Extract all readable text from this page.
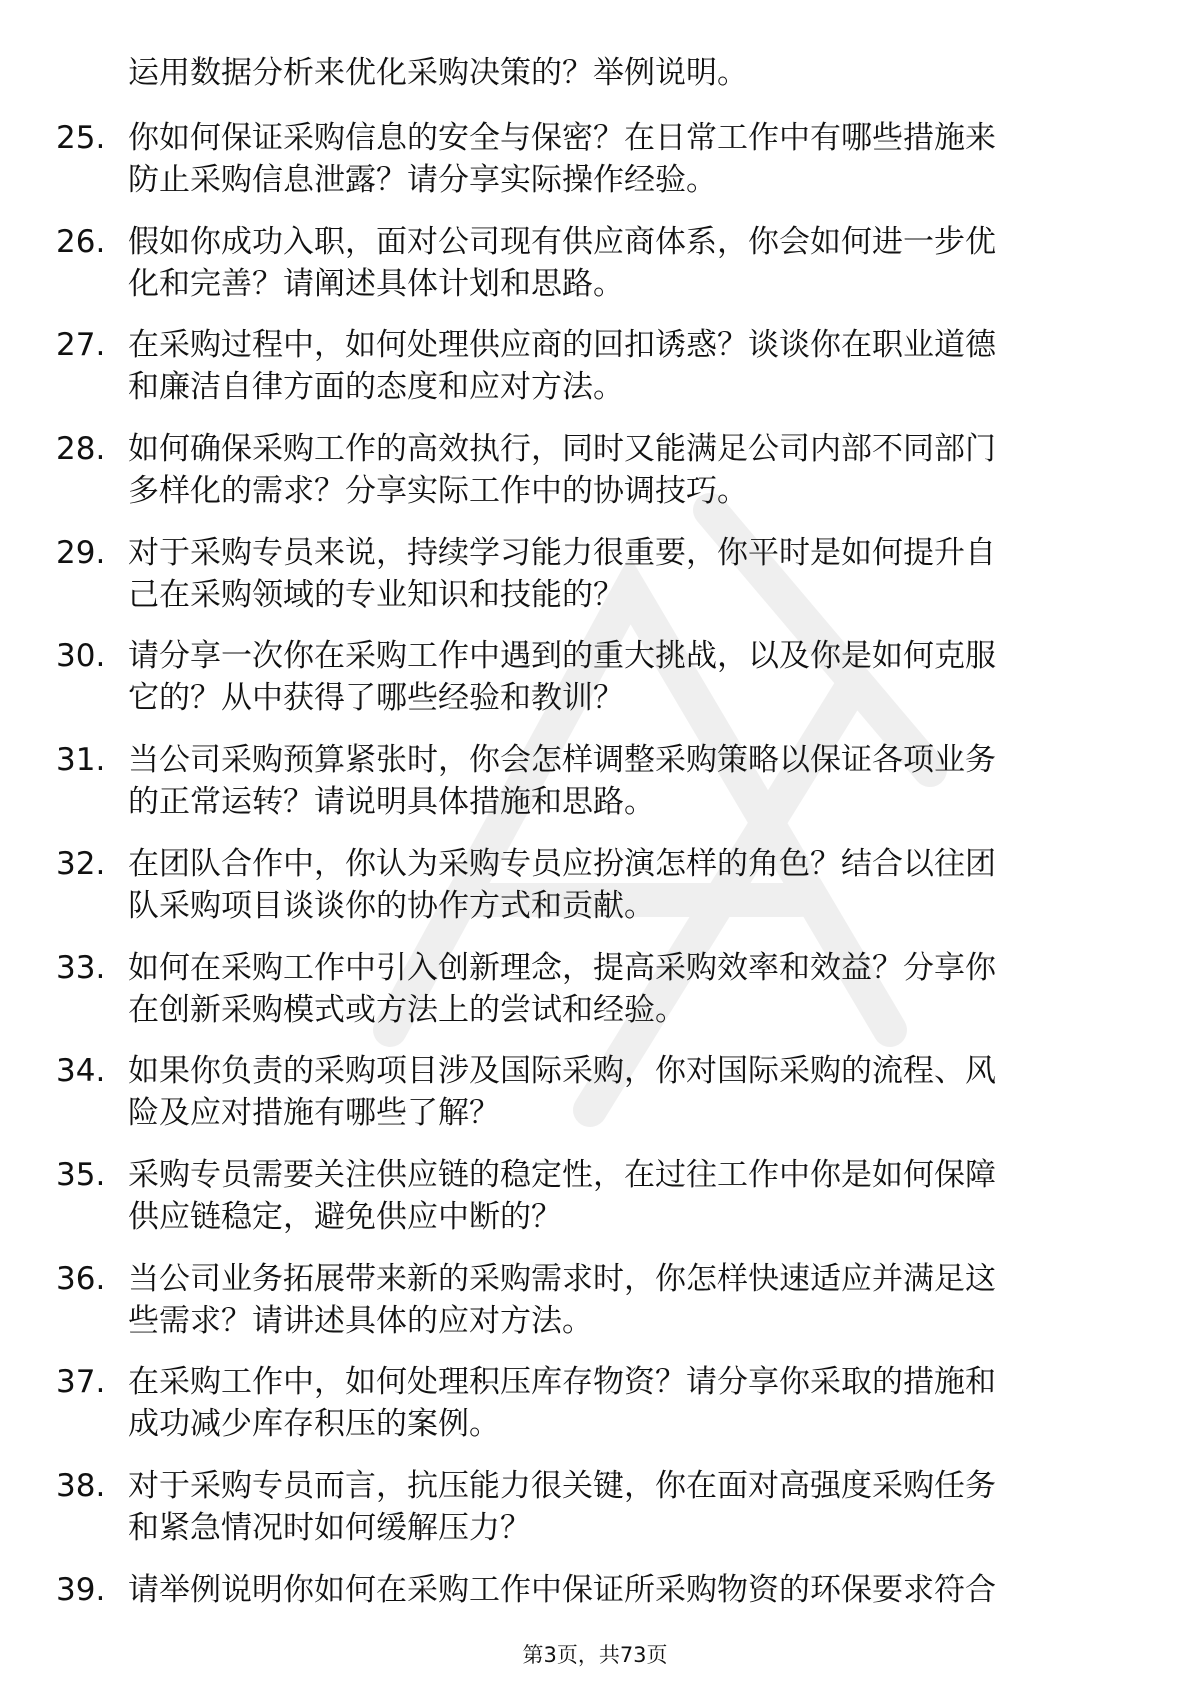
运用数据分析来优化采购决策的？举例说明。
25. 你如何保证采购信息的安全与保密？在日常工作中有哪些措施来
防止采购信息泄露？请分享实际操作经验。
26. 假如你成功入职，面对公司现有供应商体系，你会如何进一步优
化和完善？请阐述具体计划和思路。
27. 在采购过程中，如何处理供应商的回扣诱惑？谈谈你在职业道德
和廉洁自律方面的态度和应对方法。
28. 如何确保采购工作的高效执行，同时又能满足公司内部不同部门
多样化的需求？分享实际工作中的协调技巧。
29. 对于采购专员来说，持续学习能力很重要，你平时是如何提升自
己在采购领域的专业知识和技能的？
30. 请分享一次你在采购工作中遇到的重大挑战，以及你是如何克服
它的？从中获得了哪些经验和教训？
31. 当公司采购预算紧张时，你会怎样调整采购策略以保证各项业务
的正常运转？请说明具体措施和思路。
32. 在团队合作中，你认为采购专员应扮演怎样的角色？结合以往团
队采购项目谈谈你的协作方式和贡献。
33. 如何在采购工作中引入创新理念，提高采购效率和效益？分享你
在创新采购模式或方法上的尝试和经验。
34. 如果你负责的采购项目涉及国际采购，你对国际采购的流程、风
险及应对措施有哪些了解？
35. 采购专员需要关注供应链的稳定性，在过往工作中你是如何保障
供应链稳定，避免供应中断的？
36. 当公司业务拓展带来新的采购需求时，你怎样快速适应并满足这
些需求？请讲述具体的应对方法。
37. 在采购工作中，如何处理积压库存物资？请分享你采取的措施和
成功减少库存积压的案例。
38. 对于采购专员而言，抗压能力很关键，你在面对高强度采购任务
和紧急情况时如何缓解压力？
39. 请举例说明你如何在采购工作中保证所采购物资的环保要求符合
第3页，共73页
